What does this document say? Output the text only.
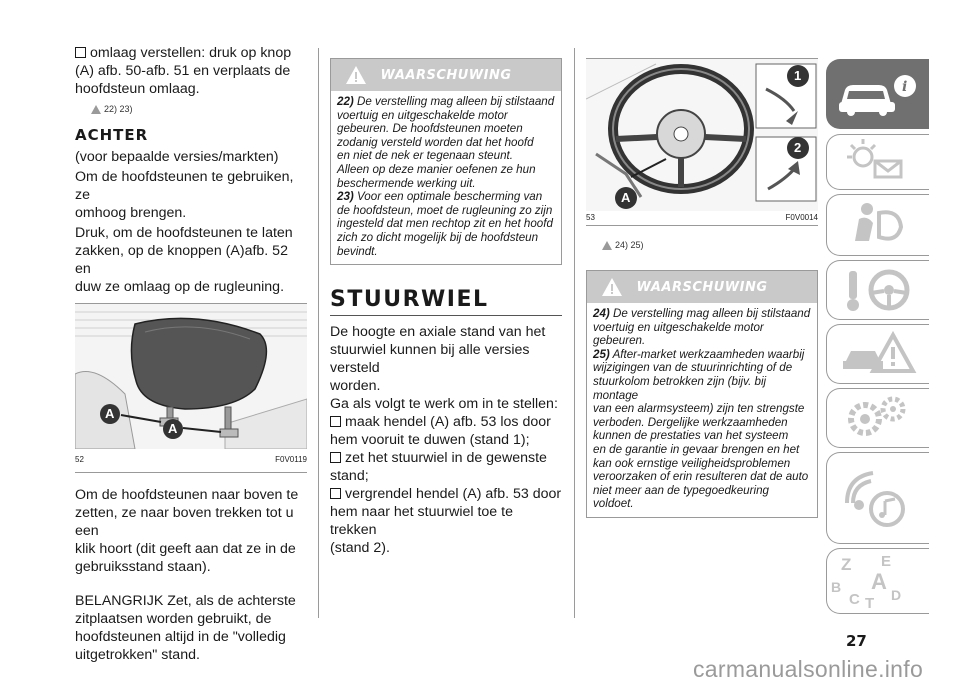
omlaag verstellen: druk op knop

(A) afb. 50-afb. 51 en verplaats de

hoofdsteun omlaag.

22) 23)
ACHTER

(voor bepaalde versies/markten)

Om de hoofdsteunen te gebruiken, ze

omhoog brengen.

Druk, om de hoofdsteunen te laten

zakken, op de knoppen (A)afb. 52 en

duw ze omlaag op de rugleuning.

A
A
52	F0V0119

Om de hoofdsteunen naar boven te

zetten, ze naar boven trekken tot u een

klik hoort (dit geeft aan dat ze in de

gebruiksstand staan).

BELANGRIJK Zet, als de achterste

zitplaatsen worden gebruikt, de

hoofdsteunen altijd in de "volledig

uitgetrokken" stand.

WAARSCHUWING

22) De verstelling mag alleen bij stilstaand

voertuig en uitgeschakelde motor

gebeuren. De hoofdsteunen moeten

zodanig versteld worden dat het hoofd

en niet de nek er tegenaan steunt.

Alleen op deze manier oefenen ze hun

beschermende werking uit.

23) Voor een optimale bescherming van

de hoofdsteun, moet de rugleuning zo zijn

ingesteld dat men rechtop zit en het hoofd

zich zo dicht mogelijk bij de hoofdsteun

bevindt.

STUURWIEL

De hoogte en axiale stand van het

stuurwiel kunnen bij alle versies versteld

worden.

Ga als volgt te werk om in te stellen:

maak hendel (A) afb. 53 los door

hem vooruit te duwen (stand 1);

zet het stuurwiel in de gewenste

stand;

vergrendel hendel (A) afb. 53 door

hem naar het stuurwiel toe te trekken

(stand 2).

1
2
A
53	F0V0014
24) 25)
WAARSCHUWING

24) De verstelling mag alleen bij stilstaand

voertuig en uitgeschakelde motor

gebeuren.

25) After-market werkzaamheden waarbij

wijzigingen van de stuurinrichting of de

stuurkolom betrokken zijn (bijv. bij montage

van een alarmsysteem) zijn ten strengste

verboden. Dergelijke werkzaamheden

kunnen de prestaties van het systeem

en de garantie in gevaar brengen en het

kan ook ernstige veiligheidsproblemen

veroorzaken of erin resulteren dat de auto

niet meer aan de typegoedkeuring voldoet.

i
Z E
B A
C T D
27
carmanualsonline.info
